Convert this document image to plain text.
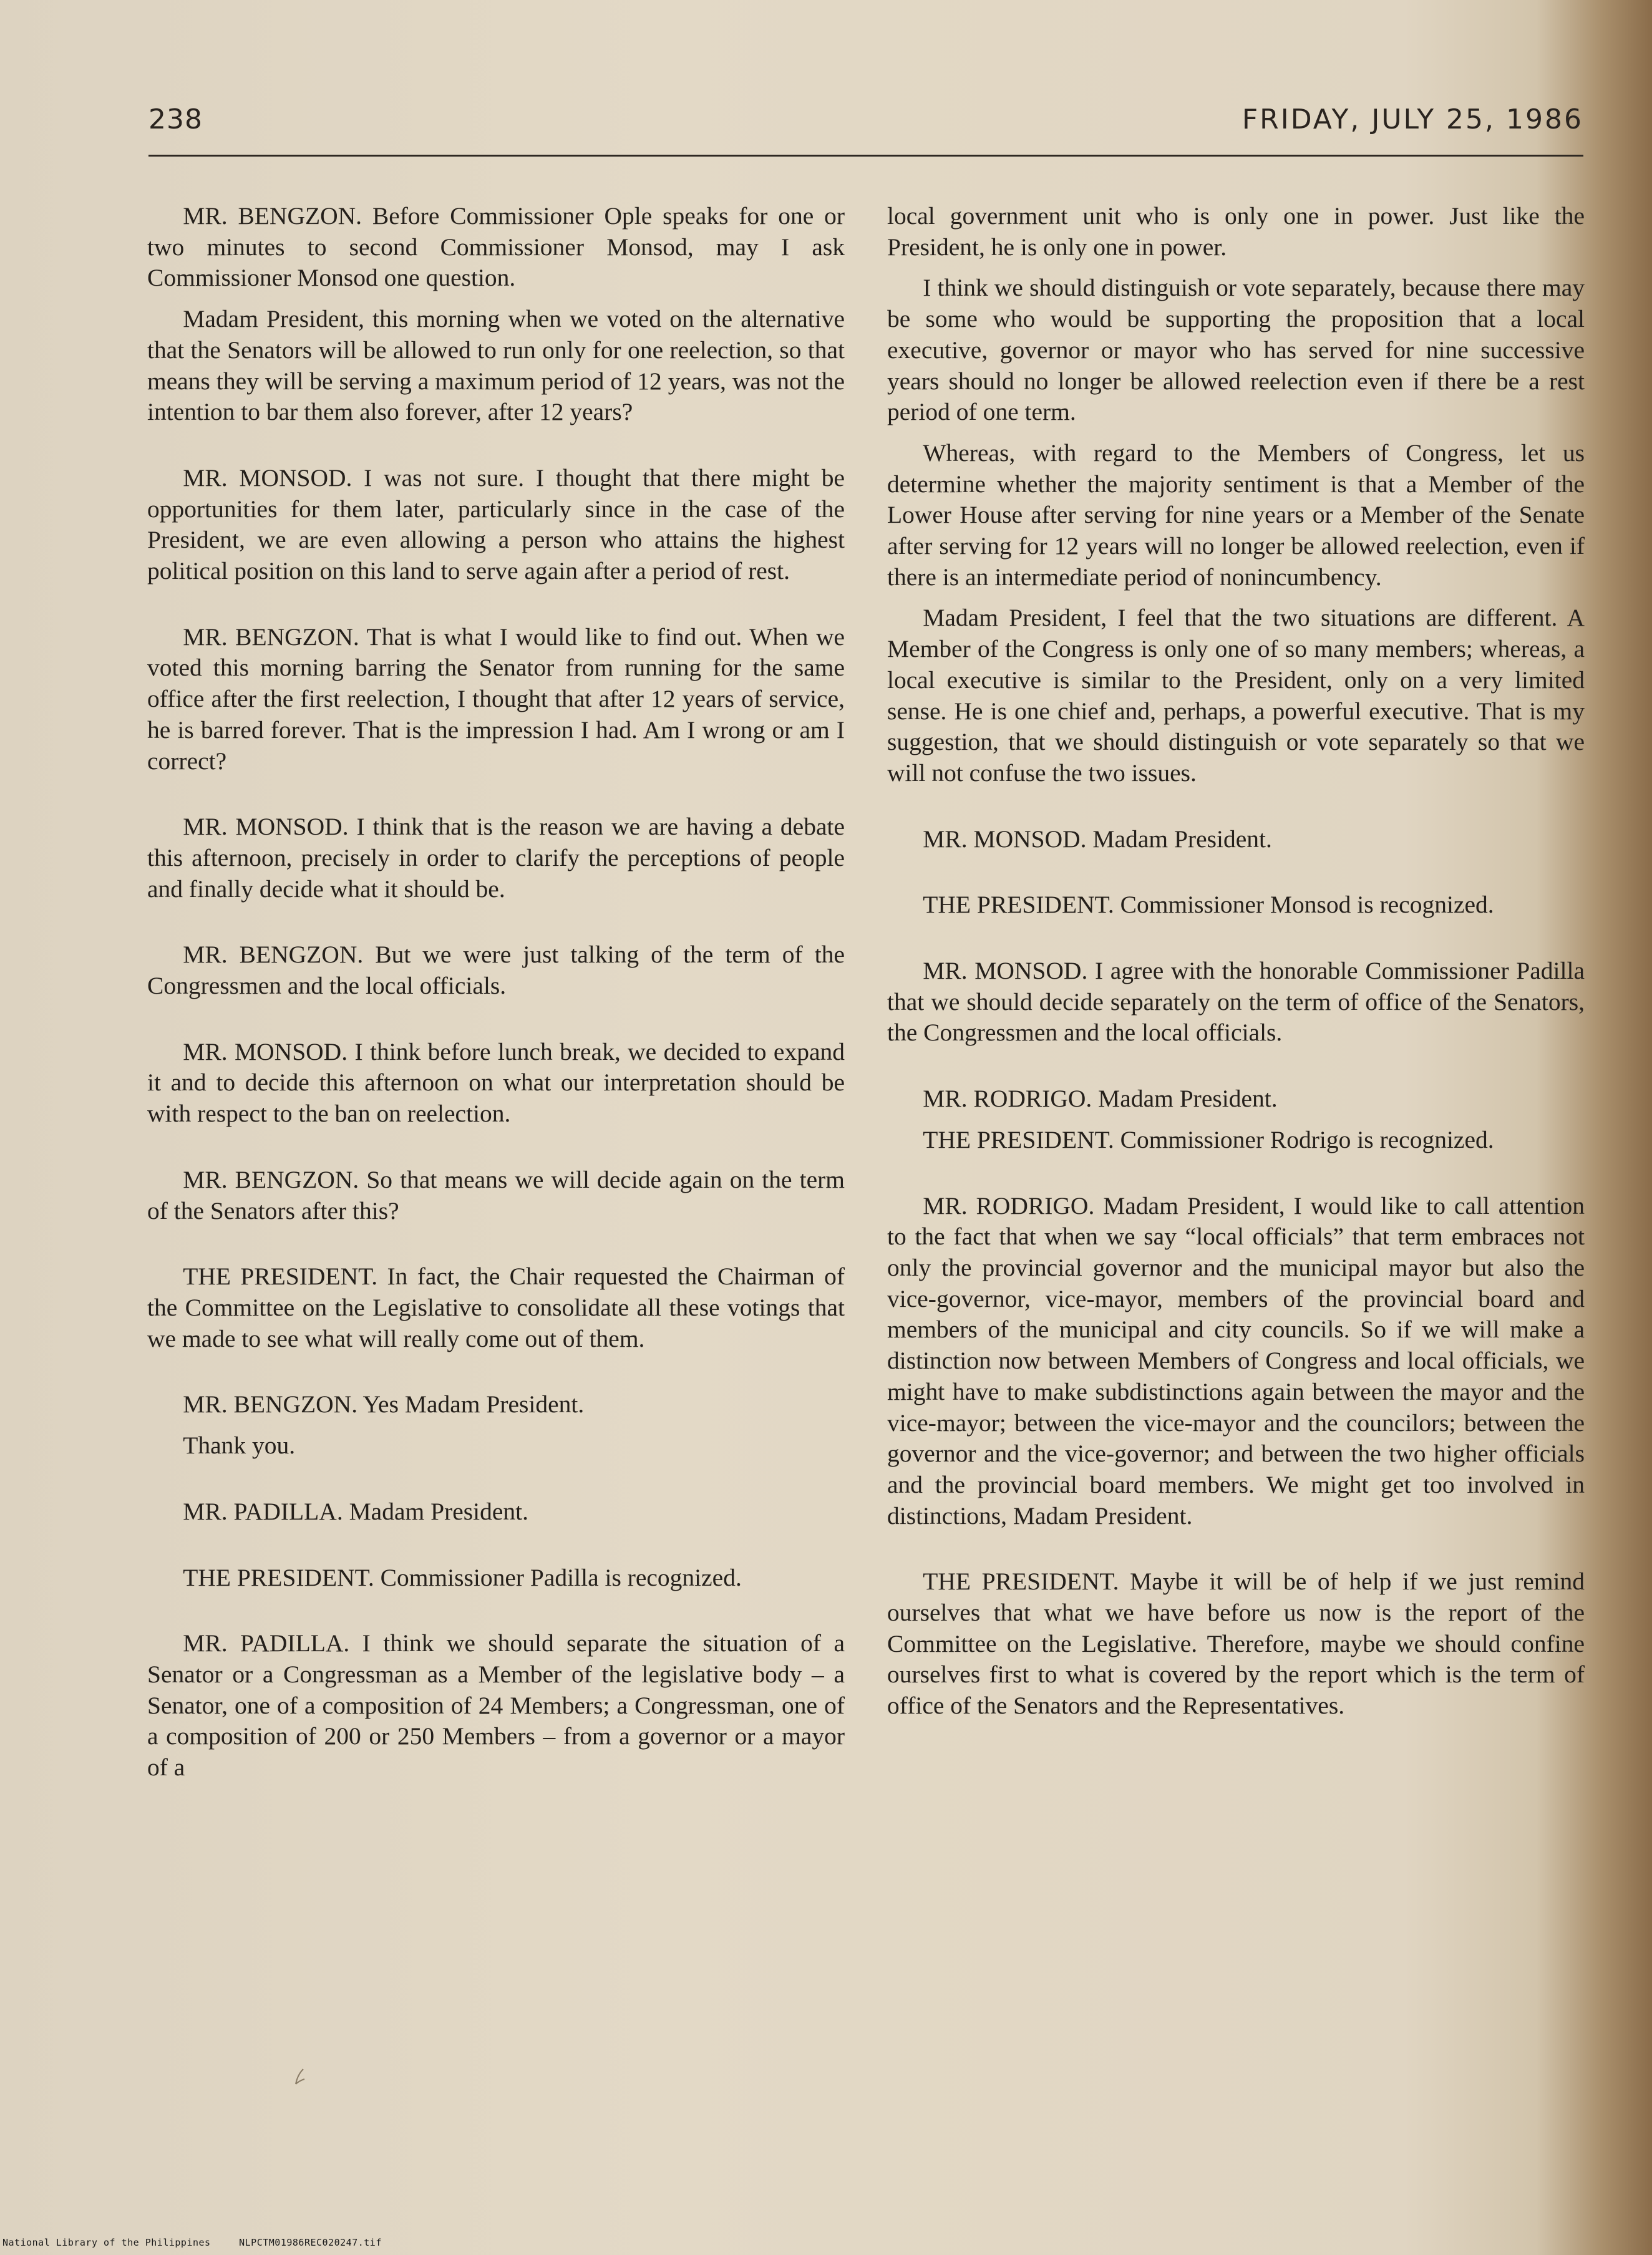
238	FRIDAY, JULY 25, 1986

MR. BENGZON. Before Commissioner Ople speaks for one or two minutes to second Commissioner Monsod, may I ask Commissioner Monsod one question.

Madam President, this morning when we voted on the alternative that the Senators will be allowed to run only for one reelection, so that means they will be serving a maximum period of 12 years, was not the intention to bar them also forever, after 12 years?

MR. MONSOD. I was not sure. I thought that there might be opportunities for them later, particularly since in the case of the President, we are even allowing a person who attains the highest political position on this land to serve again after a period of rest.

MR. BENGZON. That is what I would like to find out. When we voted this morning barring the Senator from running for the same office after the first reelection, I thought that after 12 years of service, he is barred forever. That is the impression I had. Am I wrong or am I correct?

MR. MONSOD. I think that is the reason we are having a debate this afternoon, precisely in order to clarify the perceptions of people and finally decide what it should be.

MR. BENGZON. But we were just talking of the term of the Congressmen and the local officials.

MR. MONSOD. I think before lunch break, we decided to expand it and to decide this afternoon on what our interpretation should be with respect to the ban on reelection.

MR. BENGZON. So that means we will decide again on the term of the Senators after this?

THE PRESIDENT. In fact, the Chair requested the Chairman of the Committee on the Legislative to consolidate all these votings that we made to see what will really come out of them.

MR. BENGZON. Yes Madam President.

Thank you.

MR. PADILLA. Madam President.

THE PRESIDENT. Commissioner Padilla is recognized.

MR. PADILLA. I think we should separate the situation of a Senator or a Congressman as a Member of the legislative body – a Senator, one of a composition of 24 Members; a Congressman, one of a composition of 200 or 250 Members – from a governor or a mayor of a

local government unit who is only one in power. Just like the President, he is only one in power.

I think we should distinguish or vote separately, because there may be some who would be supporting the proposition that a local executive, governor or mayor who has served for nine successive years should no longer be allowed reelection even if there be a rest period of one term.

Whereas, with regard to the Members of Congress, let us determine whether the majority sentiment is that a Member of the Lower House after serving for nine years or a Member of the Senate after serving for 12 years will no longer be allowed reelection, even if there is an intermediate period of nonincumbency.

Madam President, I feel that the two situations are different. A Member of the Congress is only one of so many members; whereas, a local executive is similar to the President, only on a very limited sense. He is one chief and, perhaps, a powerful executive. That is my suggestion, that we should distinguish or vote separately so that we will not confuse the two issues.

MR. MONSOD. Madam President.

THE PRESIDENT. Commissioner Monsod is recognized.

MR. MONSOD. I agree with the honorable Commissioner Padilla that we should decide separately on the term of office of the Senators, the Congressmen and the local officials.

MR. RODRIGO. Madam President.

THE PRESIDENT. Commissioner Rodrigo is recognized.

MR. RODRIGO. Madam President, I would like to call attention to the fact that when we say “local officials” that term embraces not only the provincial governor and the municipal mayor but also the vice-governor, vice-mayor, members of the provincial board and members of the municipal and city councils. So if we will make a distinction now between Members of Congress and local officials, we might have to make subdistinctions again between the mayor and the vice-mayor; between the vice-mayor and the councilors; between the governor and the vice-governor; and between the two higher officials and the provincial board members. We might get too involved in distinctions, Madam President.

THE PRESIDENT. Maybe it will be of help if we just remind ourselves that what we have before us now is the report of the Committee on the Legislative. Therefore, maybe we should confine ourselves first to what is covered by the report which is the term of office of the Senators and the Representatives.

National Library of the Philippines	NLPCTM01986REC020247.tif
